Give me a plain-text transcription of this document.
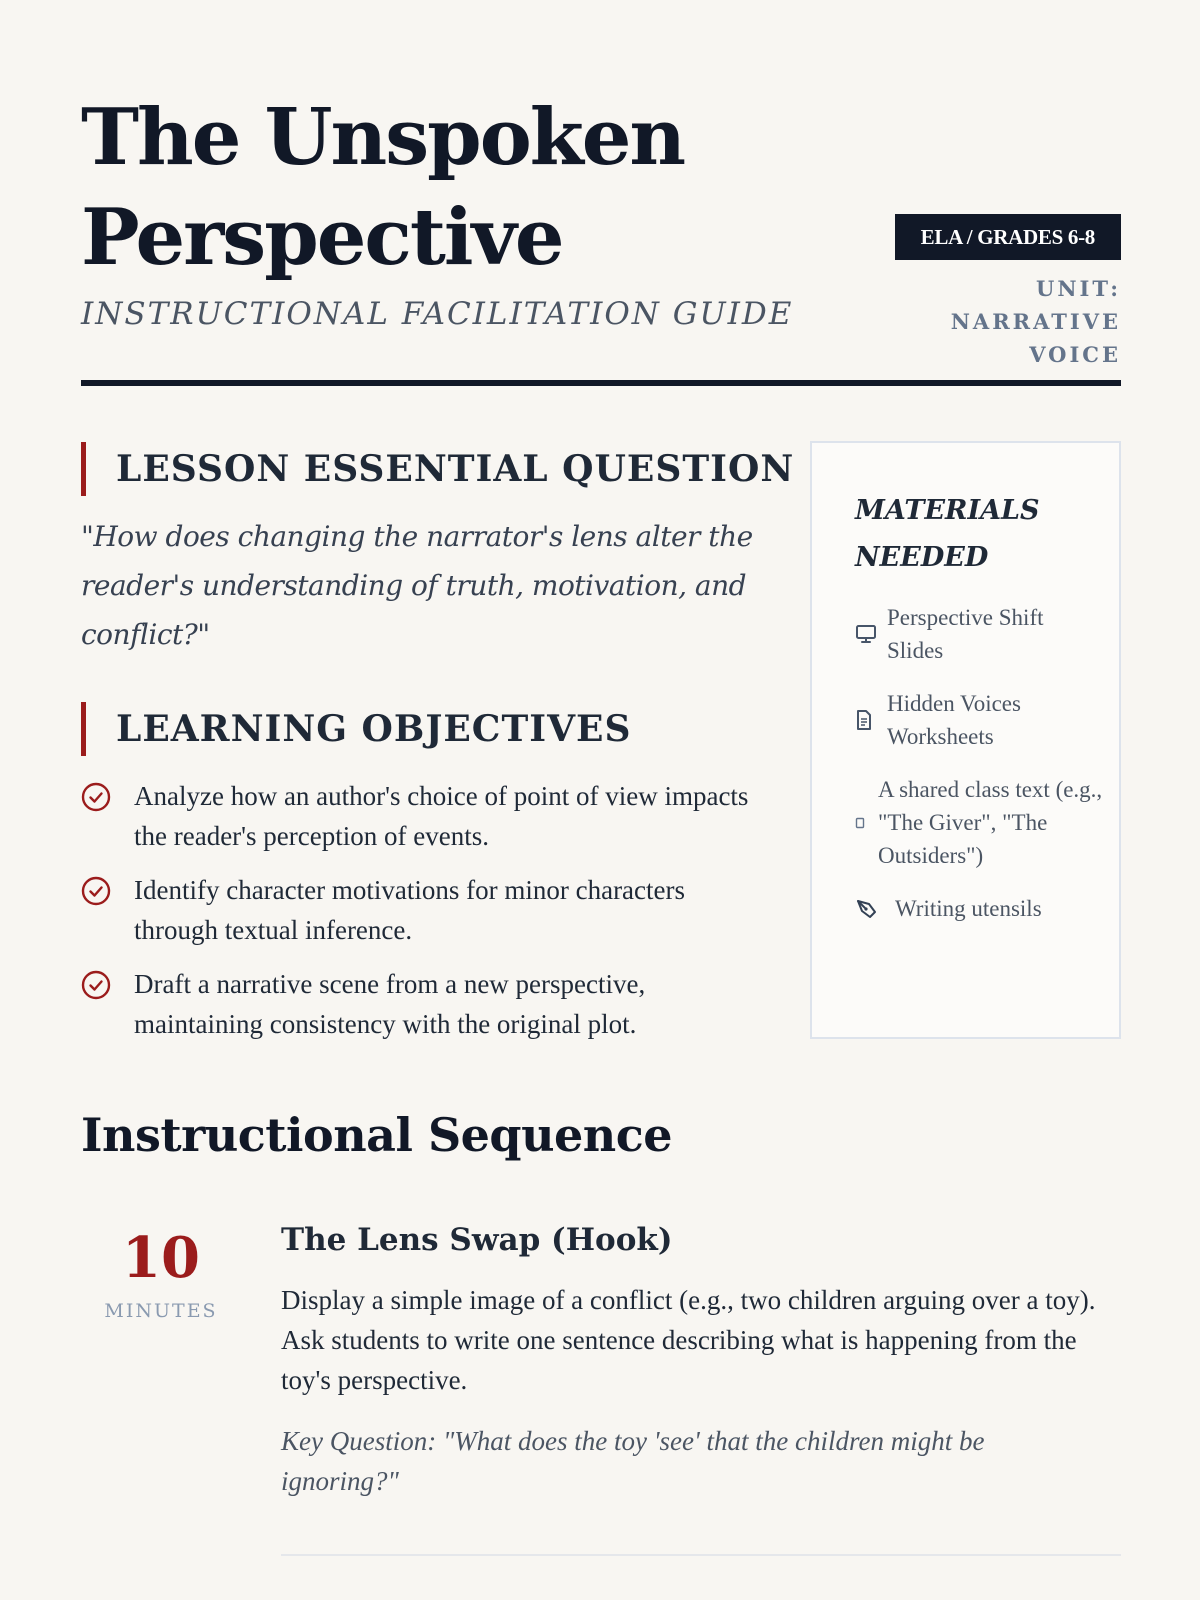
The Unspoken Perspective
INSTRUCTIONAL FACILITATION GUIDE
ELA / GRADES 6-8
UNIT: NARRATIVE VOICE
LESSON ESSENTIAL QUESTION

"How does changing the narrator's lens alter the reader's understanding of truth, motivation, and conflict?"

LEARNING OBJECTIVES
Analyze how an author's choice of point of view impacts the reader's perception of events.
Identify character motivations for minor characters through textual inference.
Draft a narrative scene from a new perspective, maintaining consistency with the original plot.
MATERIALS NEEDED
Perspective Shift Slides
Hidden Voices Worksheets
A shared class text (e.g., "The Giver", "The Outsiders")
Writing utensils
Instructional Sequence
10
MINUTES
The Lens Swap (Hook)

Display a simple image of a conflict (e.g., two children arguing over a toy). Ask students to write one sentence describing what is happening from the toy's perspective.

Key Question: "What does the toy 'see' that the children might be ignoring?"
